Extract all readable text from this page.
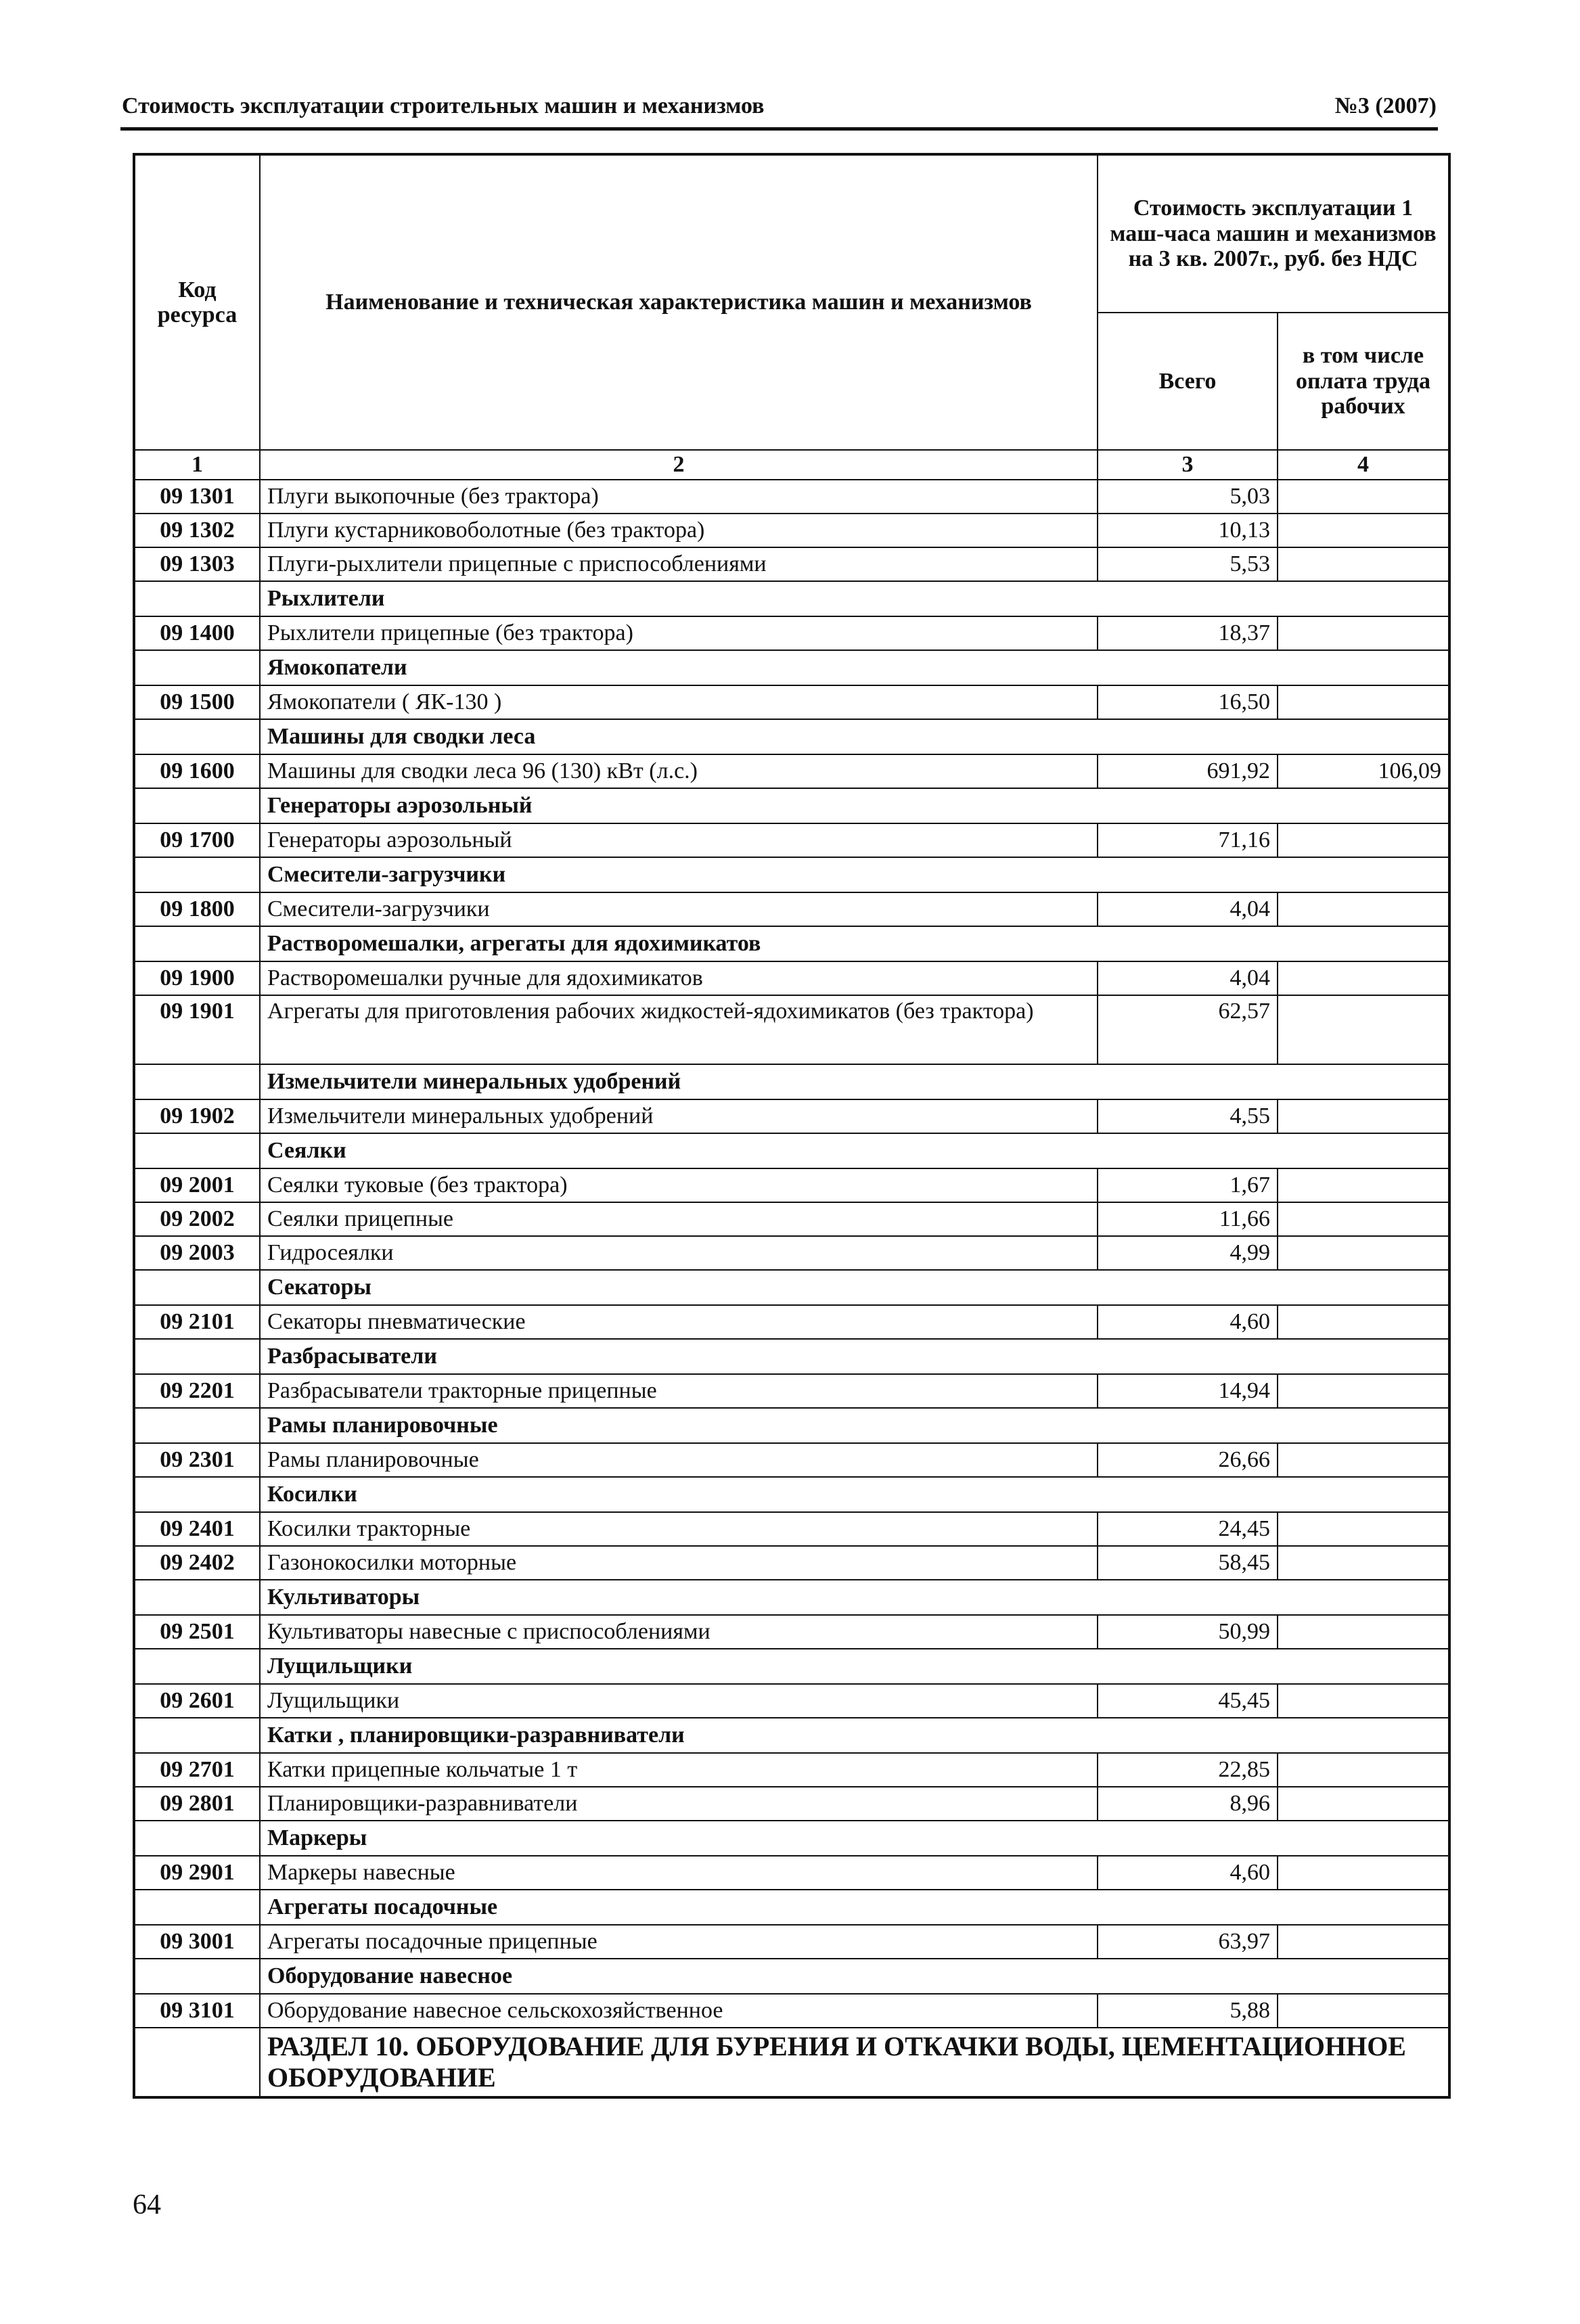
Стоимость эксплуатации строительных машин и механизмов	№3 (2007)
Код ресурса	Наименование и техническая характеристика машин и механизмов	Стоимость эксплуатации 1 маш-часа машин и механизмов на 3 кв. 2007г., руб. без НДС	
		Всего	в том числе оплата труда рабочих
1	2	3	4
09 1301	Плуги выкопочные (без трактора)	5,03	
09 1302	Плуги кустарниковоболотные (без трактора)	10,13	
09 1303	Плуги-рыхлители прицепные с приспособлениями	5,53	
	Рыхлители		
09 1400	Рыхлители прицепные (без трактора)	18,37	
	Ямокопатели		
09 1500	Ямокопатели ( ЯК-130 )	16,50	
	Машины для сводки леса		
09 1600	Машины для сводки леса 96 (130) кВт (л.с.)	691,92	106,09
	Генераторы аэрозольный		
09 1700	Генераторы аэрозольный	71,16	
	Смесители-загрузчики		
09 1800	Смесители-загрузчики	4,04	
	Растворомешалки, агрегаты для ядохимикатов		
09 1900	Растворомешалки ручные для ядохимикатов	4,04	
09 1901	Агрегаты для приготовления рабочих жидкостей-ядохимикатов (без трактора)	62,57	
	Измельчители минеральных удобрений		
09 1902	Измельчители минеральных удобрений	4,55	
	Сеялки		
09 2001	Сеялки туковые (без трактора)	1,67	
09 2002	Сеялки прицепные	11,66	
09 2003	Гидросеялки	4,99	
	Секаторы		
09 2101	Секаторы пневматические	4,60	
	Разбрасыватели		
09 2201	Разбрасыватели тракторные прицепные	14,94	
	Рамы планировочные		
09 2301	Рамы планировочные	26,66	
	Косилки		
09 2401	Косилки тракторные	24,45	
09 2402	Газонокосилки моторные	58,45	
	Культиваторы		
09 2501	Культиваторы навесные с приспособлениями	50,99	
	Лущильщики		
09 2601	Лущильщики	45,45	
	Катки , планировщики-разравниватели		
09 2701	Катки прицепные кольчатые 1 т	22,85	
09 2801	Планировщики-разравниватели	8,96	
	Маркеры		
09 2901	Маркеры навесные	4,60	
	Агрегаты посадочные		
09 3001	Агрегаты посадочные прицепные	63,97	
	Оборудование навесное		
09 3101	Оборудование навесное сельскохозяйственное	5,88	
	РАЗДЕЛ 10. ОБОРУДОВАНИЕ ДЛЯ БУРЕНИЯ И ОТКАЧКИ ВОДЫ, ЦЕМЕНТАЦИОННОЕ ОБОРУДОВАНИЕ		
64
